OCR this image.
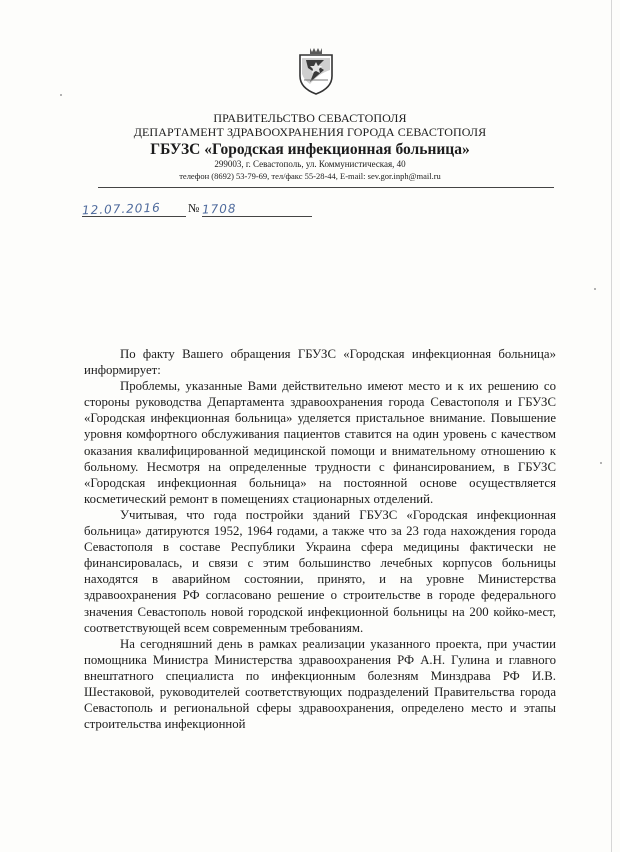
ПРАВИТЕЛЬСТВО СЕВАСТОПОЛЯ
ДЕПАРТАМЕНТ ЗДРАВООХРАНЕНИЯ ГОРОДА СЕВАСТОПОЛЯ
ГБУЗС «Городская инфекционная больница»
299003, г. Севастополь, ул. Коммунистическая, 40
телефон (8692) 53-79-69, тел/факс 55-28-44, E-mail: sev.gor.inph@mail.ru
12.07.2016	№ 1708

По факту Вашего обращения ГБУЗС «Городская инфекционная больница» информирует:

Проблемы, указанные Вами действительно имеют место и к их решению со стороны руководства Департамента здравоохранения города Севастополя и ГБУЗС «Городская инфекционная больница» уделяется пристальное внимание. Повышение уровня комфортного обслуживания пациентов ставится на один уровень с качеством оказания квалифицированной медицинской помощи и внимательному отношению к больному. Несмотря на определенные трудности с финансированием, в ГБУЗС «Городская инфекционная больница» на постоянной основе осуществляется косметический ремонт в помещениях стационарных отделений.

Учитывая, что года постройки зданий ГБУЗС «Городская инфекционная больница» датируются 1952, 1964 годами, а также что за 23 года нахождения города Севастополя в составе Республики Украина сфера медицины фактически не финансировалась, и связи с этим большинство лечебных корпусов больницы находятся в аварийном состоянии, принято, и на уровне Министерства здравоохранения РФ согласовано решение о строительстве в городе федерального значения Севастополь новой городской инфекционной больницы на 200 койко-мест, соответствующей всем современным требованиям.

На сегодняшний день в рамках реализации указанного проекта, при участии помощника Министра Министерства здравоохранения РФ А.Н. Гулина и главного внештатного специалиста по инфекционным болезням Минздрава РФ И.В. Шестаковой, руководителей соответствующих подразделений Правительства города Севастополь и региональной сферы здравоохранения, определено место и этапы строительства инфекционной
